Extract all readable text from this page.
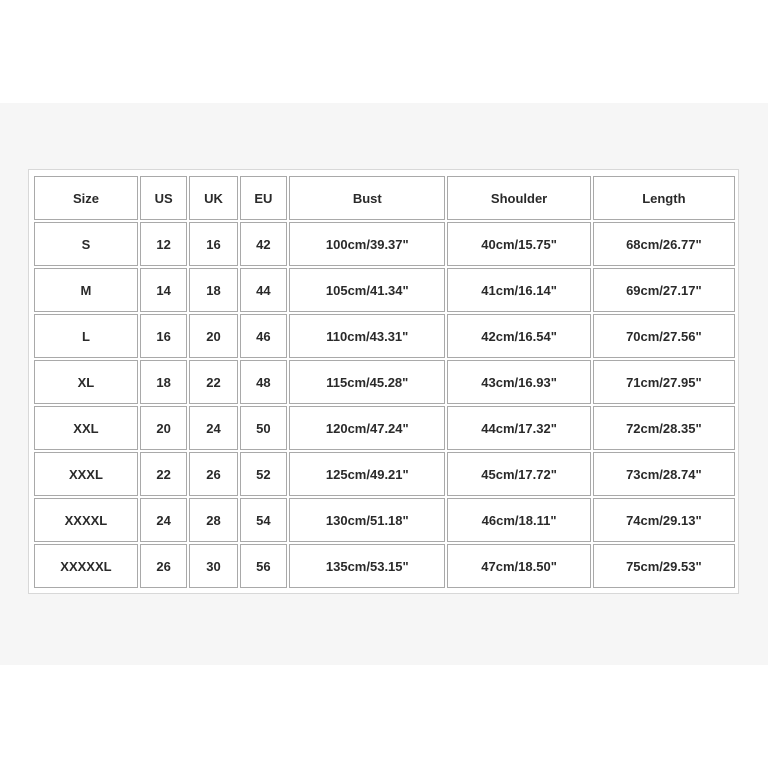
Size	US	UK	EU	Bust	Shoulder	Length
S	12	16	42	100cm/39.37"	40cm/15.75"	68cm/26.77"
M	14	18	44	105cm/41.34"	41cm/16.14"	69cm/27.17"
L	16	20	46	110cm/43.31"	42cm/16.54"	70cm/27.56"
XL	18	22	48	115cm/45.28"	43cm/16.93"	71cm/27.95"
XXL	20	24	50	120cm/47.24"	44cm/17.32"	72cm/28.35"
XXXL	22	26	52	125cm/49.21"	45cm/17.72"	73cm/28.74"
XXXXL	24	28	54	130cm/51.18"	46cm/18.11"	74cm/29.13"
XXXXXL	26	30	56	135cm/53.15"	47cm/18.50"	75cm/29.53"
